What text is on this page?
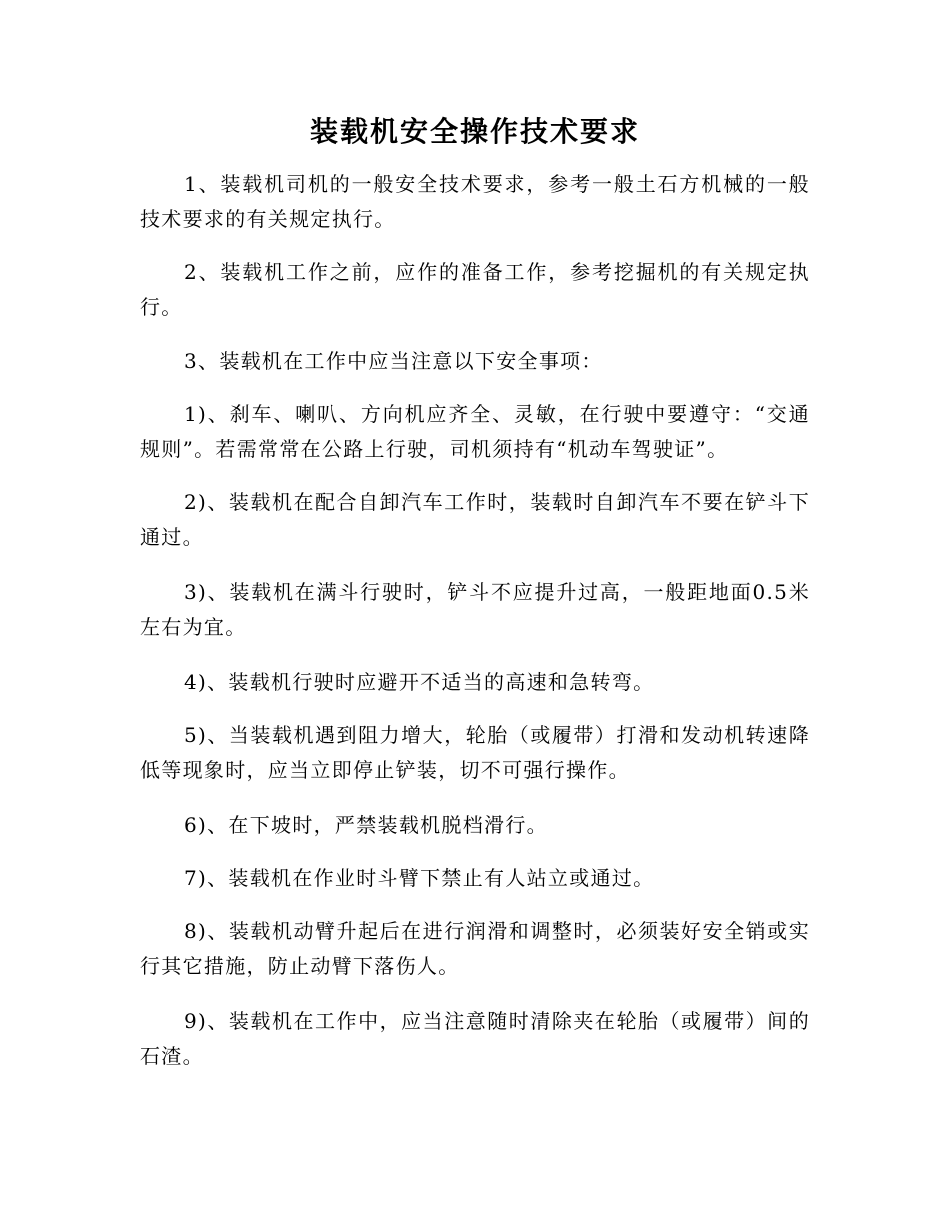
装载机安全操作技术要求

1、装载机司机的一般安全技术要求，参考一般土石方机械的一般技术要求的有关规定执行。

2、装载机工作之前，应作的准备工作，参考挖掘机的有关规定执行。

3、装载机在工作中应当注意以下安全事项：

1)、刹车、喇叭、方向机应齐全、灵敏，在行驶中要遵守：“交通规则”。若需常常在公路上行驶，司机须持有“机动车驾驶证”。

2)、装载机在配合自卸汽车工作时，装载时自卸汽车不要在铲斗下通过。

3)、装载机在满斗行驶时，铲斗不应提升过高，一般距地面0.5米左右为宜。

4)、装载机行驶时应避开不适当的高速和急转弯。

5)、当装载机遇到阻力增大，轮胎（或履带）打滑和发动机转速降低等现象时，应当立即停止铲装，切不可强行操作。

6)、在下坡时，严禁装载机脱档滑行。

7)、装载机在作业时斗臂下禁止有人站立或通过。

8)、装载机动臂升起后在进行润滑和调整时，必须装好安全销或实行其它措施，防止动臂下落伤人。

9)、装载机在工作中，应当注意随时清除夹在轮胎（或履带）间的石渣。
